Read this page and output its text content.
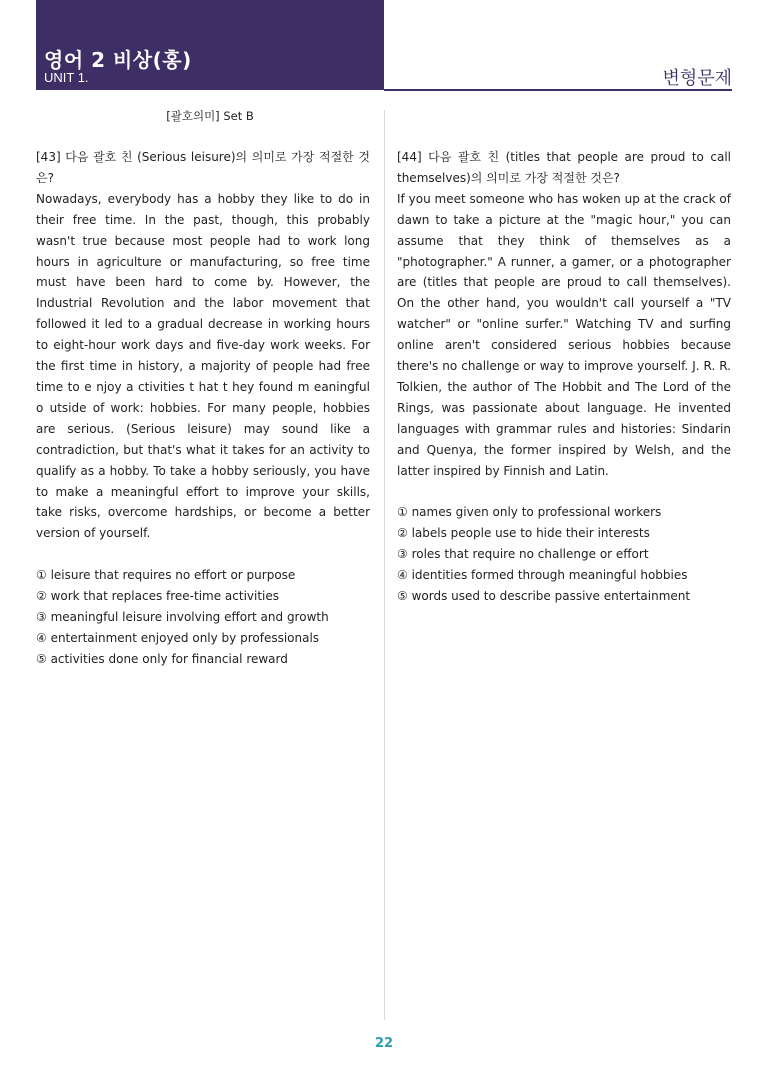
영어 2 비상(홍)
UNIT 1.	변형문제
[괄호의미] Set B

[43] 다음 괄호 친 (Serious leisure)의 의미로 가장 적절한 것은?

Nowadays, everybody has a hobby they like to do in their free time. In the past, though, this probably wasn't true because most people had to work long hours in agriculture or manufacturing, so free time must have been hard to come by. However, the Industrial Revolution and the labor movement that followed it led to a gradual decrease in working hours to eight-hour work days and five-day work weeks. For the first time in history, a majority of people had free time to e njoy a ctivities t hat t hey found m eaningful o utside of work: hobbies. For many people, hobbies are serious. (Serious leisure) may sound like a contradiction, but that's what it takes for an activity to qualify as a hobby. To take a hobby seriously, you have to make a meaningful effort to improve your skills, take risks, overcome hardships, or become a better version of yourself.

① leisure that requires no effort or purpose
② work that replaces free-time activities
③ meaningful leisure involving effort and growth
④ entertainment enjoyed only by professionals
⑤ activities done only for financial reward

[44] 다음 괄호 친 (titles that people are proud to call themselves)의 의미로 가장 적절한 것은?

If you meet someone who has woken up at the crack of dawn to take a picture at the "magic hour," you can assume that they think of themselves as a "photographer." A runner, a gamer, or a photographer are (titles that people are proud to call themselves). On the other hand, you wouldn't call yourself a "TV watcher" or "online surfer." Watching TV and surfing online aren't considered serious hobbies because there's no challenge or way to improve yourself. J. R. R. Tolkien, the author of The Hobbit and The Lord of the Rings, was passionate about language. He invented languages with grammar rules and histories: Sindarin and Quenya, the former inspired by Welsh, and the latter inspired by Finnish and Latin.

① names given only to professional workers
② labels people use to hide their interests
③ roles that require no challenge or effort
④ identities formed through meaningful hobbies
⑤ words used to describe passive entertainment
22
